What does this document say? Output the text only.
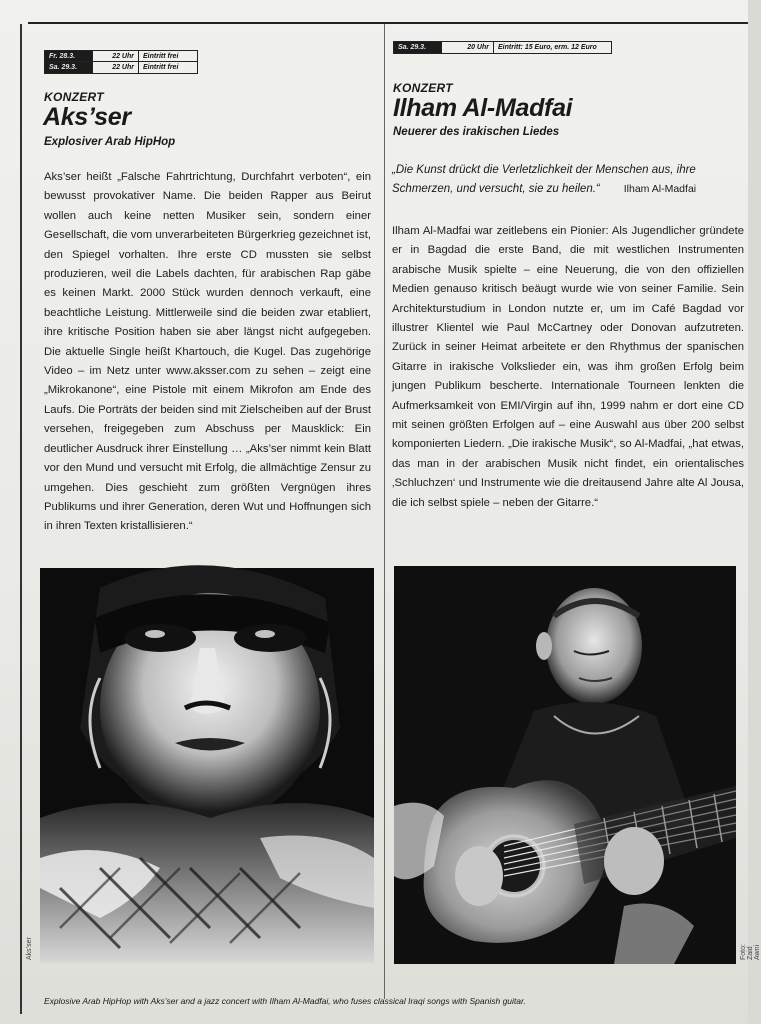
Fr. 28.3.	22 Uhr	Eintritt frei
Sa. 29.3.	22 Uhr	Eintritt frei
KONZERT
Aks’ser
Explosiver Arab HipHop
Aks’ser heißt „Falsche Fahrtrichtung, Durchfahrt verboten“, ein bewusst provokativer Name. Die beiden Rapper aus Beirut wollen auch keine netten Musiker sein, sondern einer Gesellschaft, die vom unverarbeiteten Bürgerkrieg gezeichnet ist, den Spiegel vorhalten. Ihre erste CD mussten sie selbst produzieren, weil die Labels dachten, für arabischen Rap gäbe es keinen Markt. 2000 Stück wurden dennoch verkauft, eine beachtliche Leistung. Mittlerweile sind die beiden zwar etabliert, ihre kritische Position haben sie aber längst nicht aufgegeben. Die aktuelle Single heißt Khartouch, die Kugel. Das zugehörige Video – im Netz unter www.aksser.com zu sehen – zeigt eine „Mikrokanone“, eine Pistole mit einem Mikrofon am Ende des Laufs. Die Porträts der beiden sind mit Zielscheiben auf der Brust versehen, freigegeben zum Abschuss per Mausklick: Ein deutlicher Ausdruck ihrer Einstellung … „Aks’ser nimmt kein Blatt vor den Mund und versucht mit Erfolg, die allmächtige Zensur zu umgehen. Dies geschieht zum größten Vergnügen ihres Publikums und ihrer Generation, deren Wut und Hoffnungen sich in ihren Texten kristallisieren.“
Aks’ser
Sa. 29.3.	20 Uhr	Eintritt: 15 Euro, erm. 12 Euro
KONZERT
Ilham Al-Madfai
Neuerer des irakischen Liedes
„Die Kunst drückt die Verletzlichkeit der Menschen aus, ihre Schmerzen, und versucht, sie zu heilen.“ Ilham Al-Madfai
Ilham Al-Madfai war zeitlebens ein Pionier: Als Jugendlicher gründete er in Bagdad die erste Band, die mit westlichen Instrumenten arabische Musik spielte – eine Neuerung, die von den offiziellen Medien genauso kritisch beäugt wurde wie von seiner Familie. Sein Architekturstudium in London nutzte er, um im Café Bagdad vor illustrer Klientel wie Paul McCartney oder Donovan aufzutreten. Zurück in seiner Heimat arbeitete er den Rhythmus der spanischen Gitarre in irakische Volkslieder ein, was ihm großen Erfolg beim jungen Publikum bescherte. Internationale Tourneen lenkten die Aufmerksamkeit von EMI/Virgin auf ihn, 1999 nahm er dort eine CD mit seinen größten Erfolgen auf – eine Auswahl aus über 200 selbst komponierten Liedern. „Die irakische Musik“, so Al-Madfai, „hat etwas, das man in der arabischen Musik nicht findet, ein orientalisches ‚Schluchzen‘ und Instrumente wie die dreitausend Jahre alte Al Jousa, die ich selbst spiele – neben der Gitarre.“
Foto: Zaid Awni
Explosive Arab HipHop with Aks’ser and a jazz concert with Ilham Al-Madfai, who fuses classical Iraqi songs with Spanish guitar.
